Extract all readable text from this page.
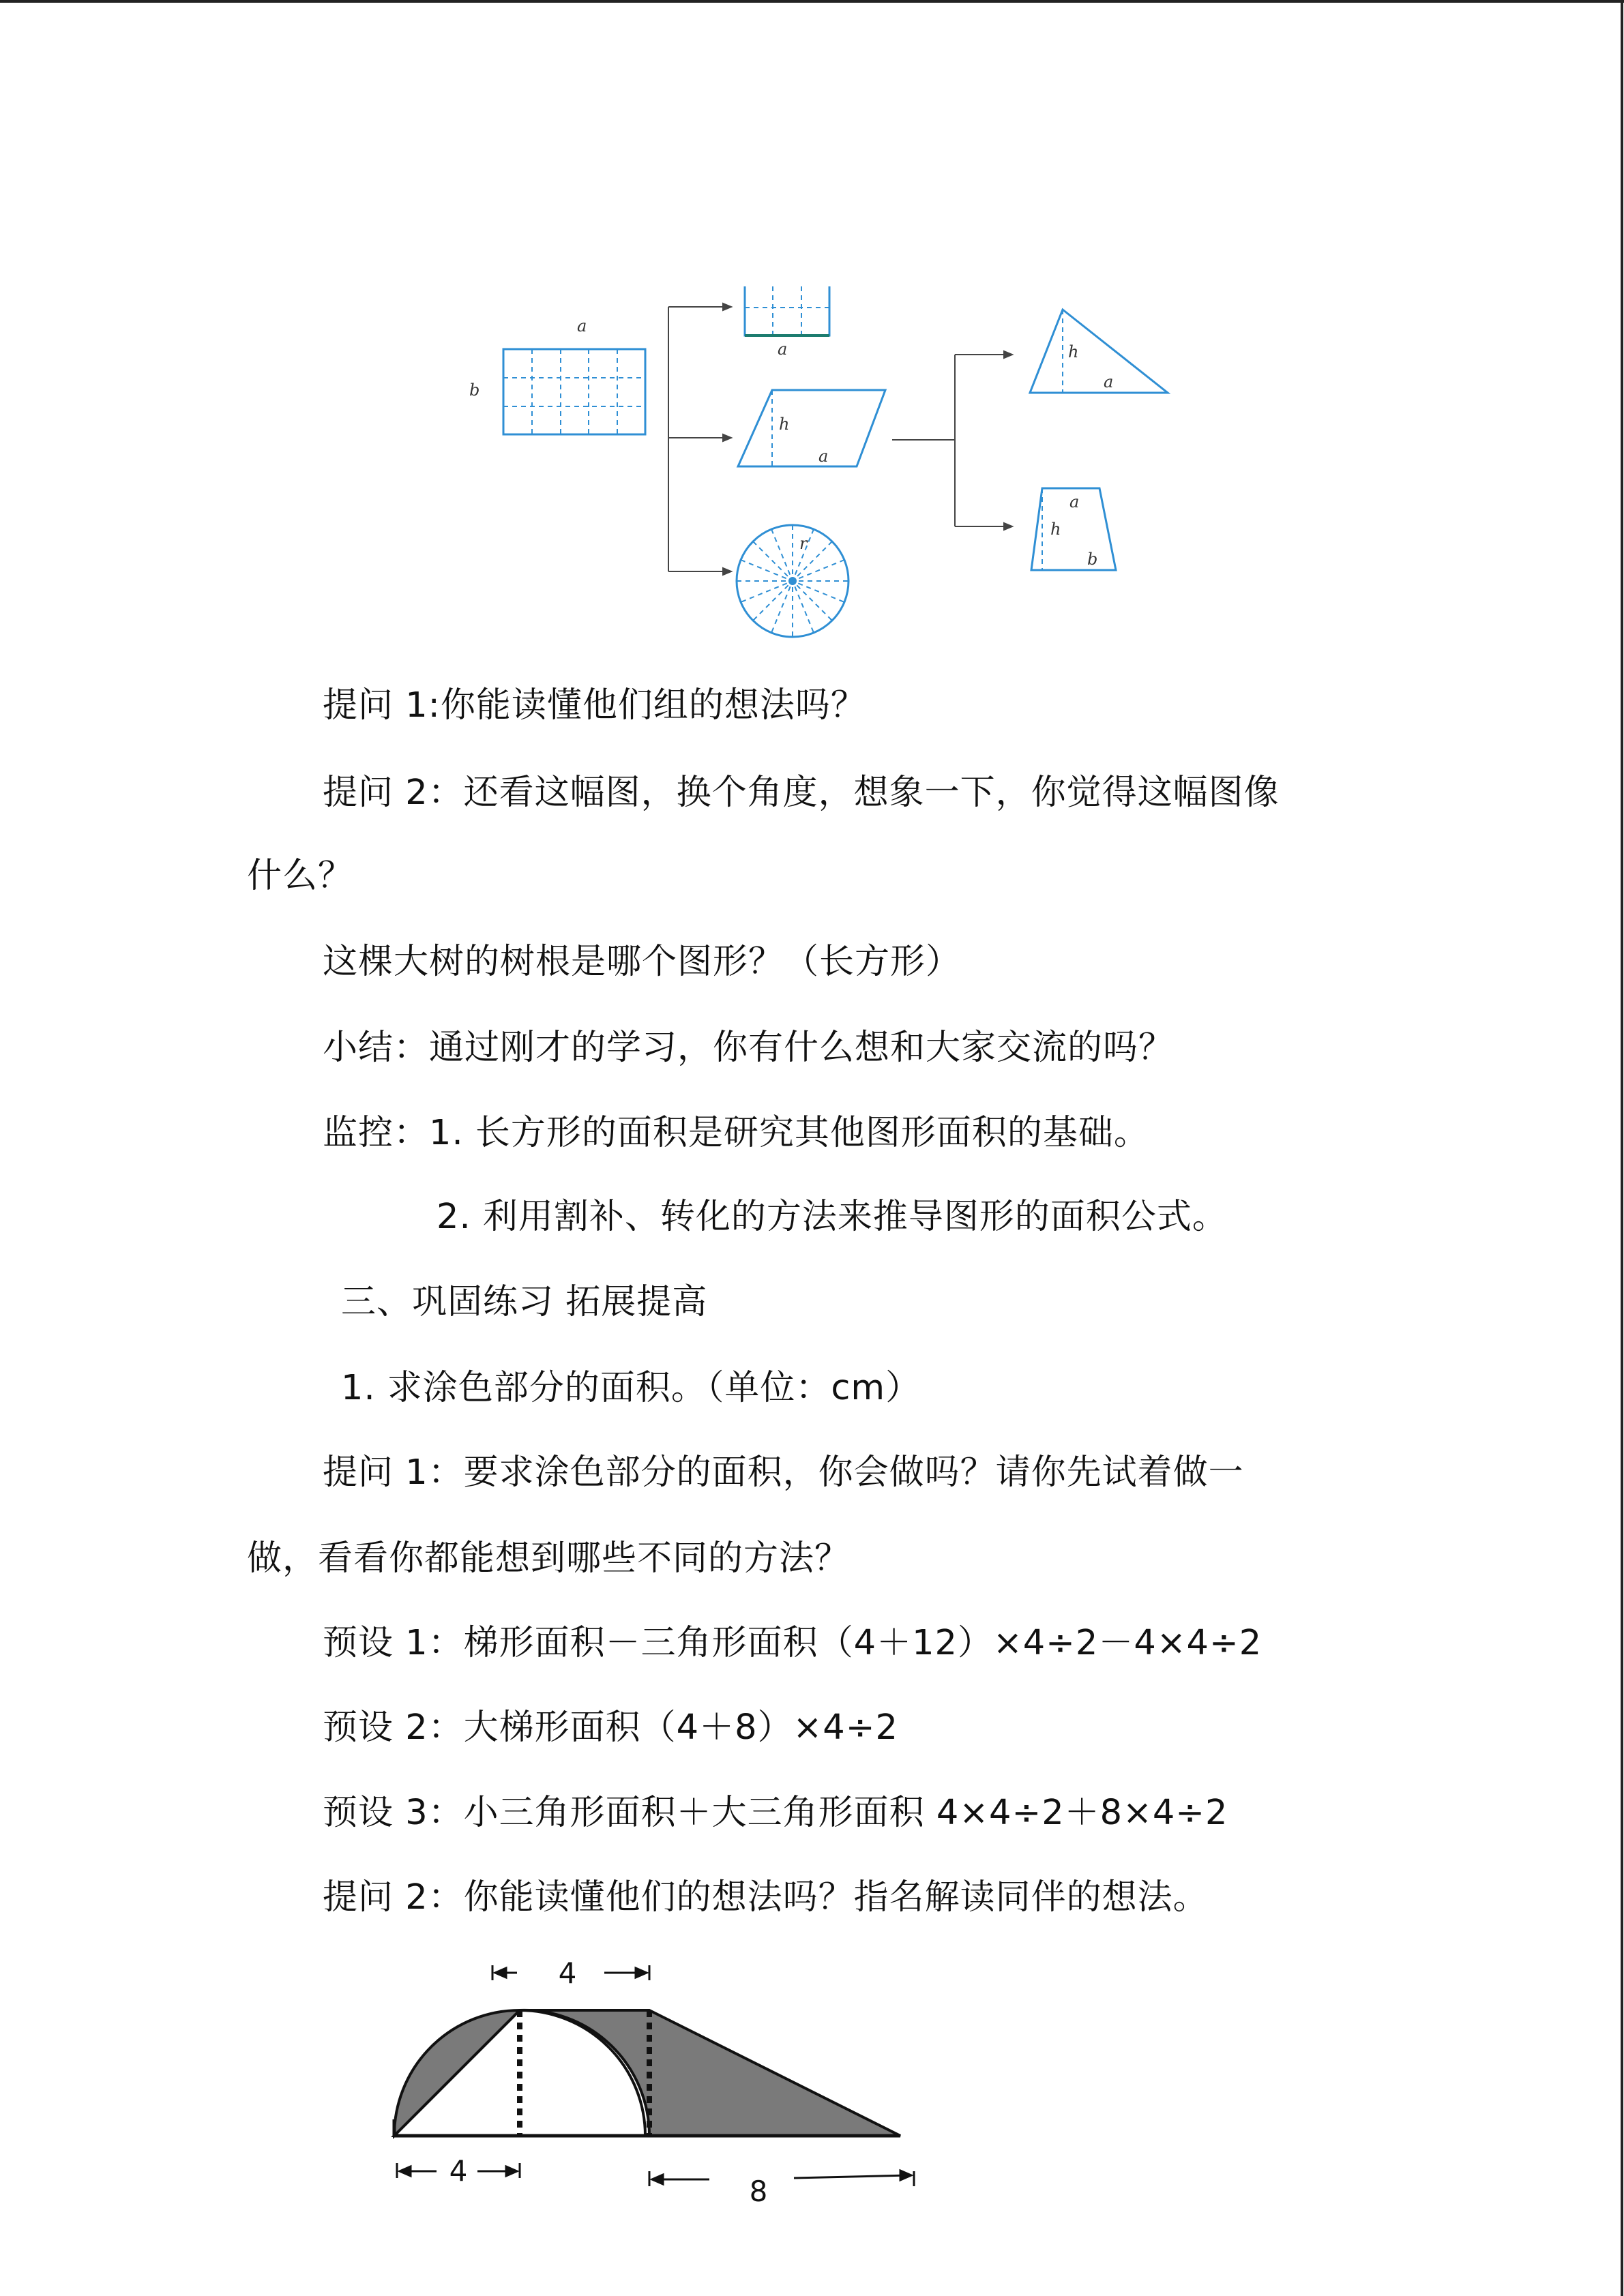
a
b
a
h
a
r
h
a
a
h
b
提问 1:你能读懂他们组的想法吗？
提问 2：还看这幅图，换个角度，想象一下，你觉得这幅图像
什么？
这棵大树的树根是哪个图形？（长方形）
小结：通过刚才的学习，你有什么想和大家交流的吗？
监控：1. 长方形的面积是研究其他图形面积的基础。
2. 利用割补、转化的方法来推导图形的面积公式。
三、巩固练习 拓展提高
1. 求涂色部分的面积。（单位：cm）
提问 1：要求涂色部分的面积，你会做吗？请你先试着做一
做，看看你都能想到哪些不同的方法？
预设 1：梯形面积－三角形面积（4＋12）×4÷2－4×4÷2
预设 2：大梯形面积（4＋8）×4÷2
预设 3：小三角形面积＋大三角形面积 4×4÷2＋8×4÷2
提问 2：你能读懂他们的想法吗？指名解读同伴的想法。
4
4
8
